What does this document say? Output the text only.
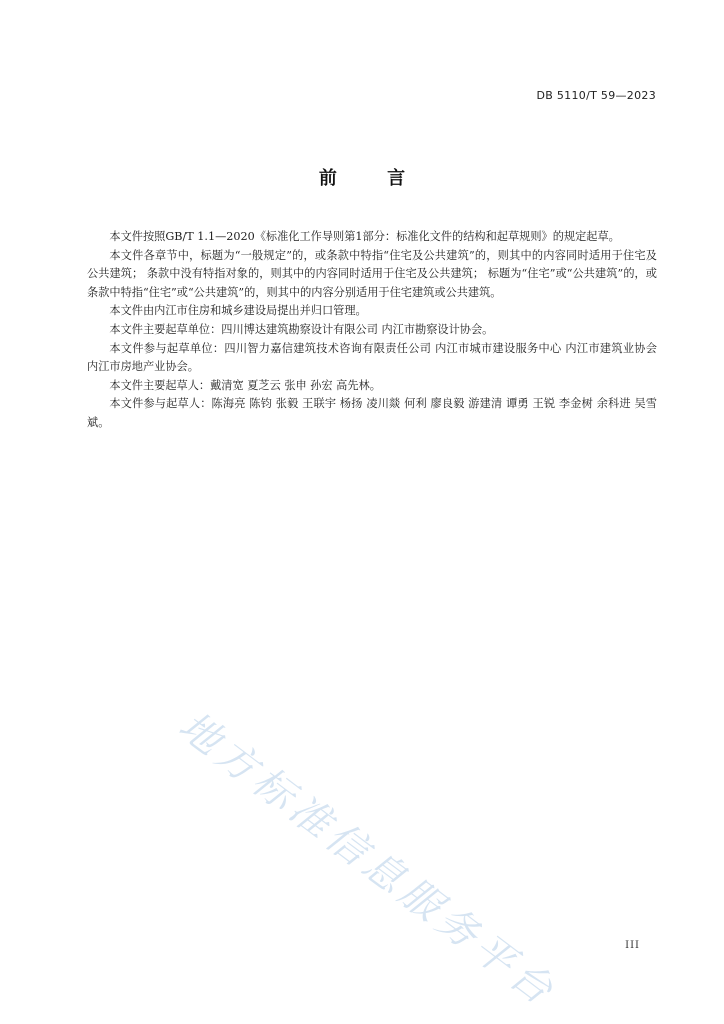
DB 5110/T 59—2023
前 言

本文件按照GB/T 1.1—2020《标准化工作导则第1部分：标准化文件的结构和起草规则》的规定起草。

本文件各章节中，标题为“一般规定”的，或条款中特指“住宅及公共建筑”的，则其中的内容同时适用于住宅及公共建筑； 条款中没有特指对象的，则其中的内容同时适用于住宅及公共建筑； 标题为“住宅”或“公共建筑”的，或条款中特指“住宅”或“公共建筑”的，则其中的内容分别适用于住宅建筑或公共建筑。

本文件由内江市住房和城乡建设局提出并归口管理。

本文件主要起草单位：四川博达建筑勘察设计有限公司 内江市勘察设计协会。

本文件参与起草单位：四川智力嘉信建筑技术咨询有限责任公司 内江市城市建设服务中心 内江市建筑业协会 内江市房地产业协会。

本文件主要起草人：戴清宽 夏芝云 张申 孙宏 高先林。

本文件参与起草人：陈海亮 陈钧 张毅 王联宇 杨扬 凌川燚 何利 廖良毅 游建清 谭勇 王锐 李金树 余科进 吴雪斌。

地方标准信息服务平台	III
